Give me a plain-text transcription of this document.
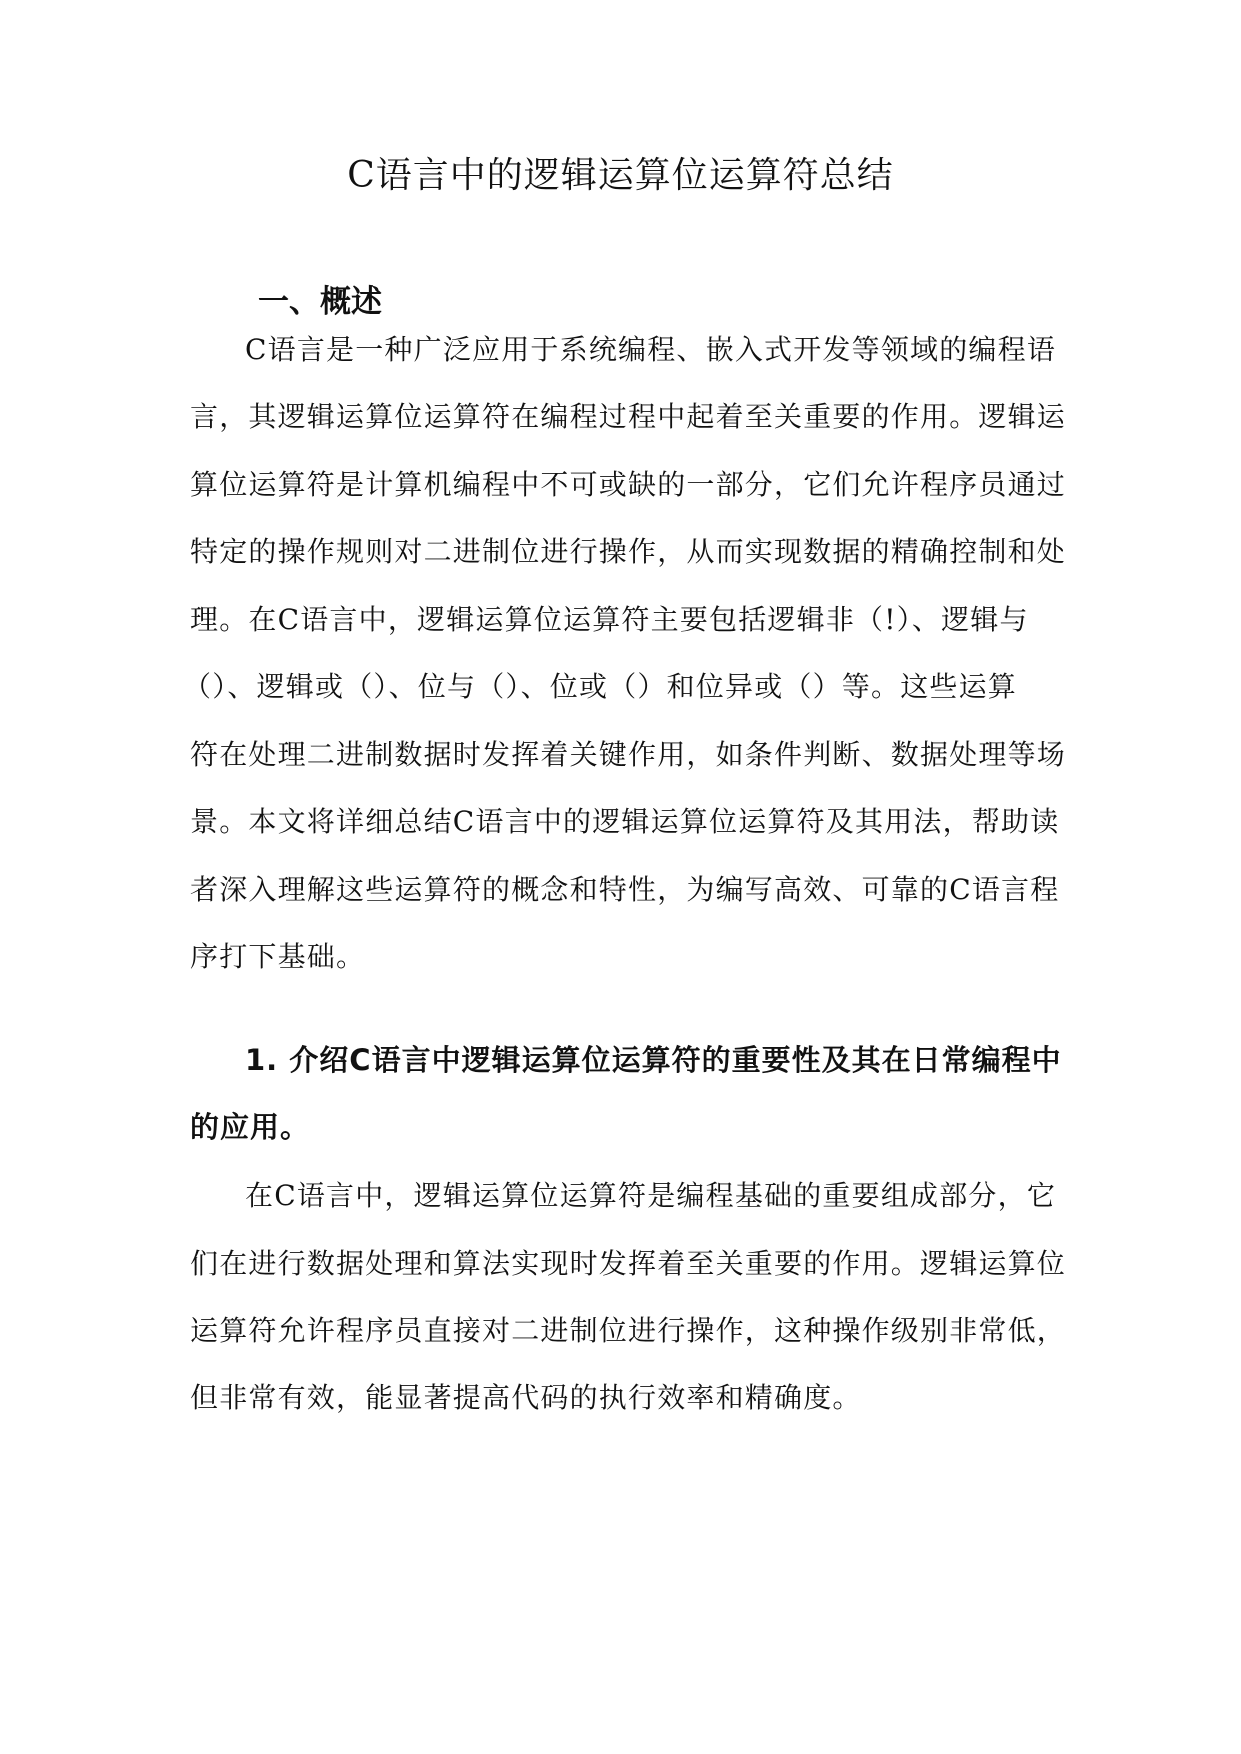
C语言中的逻辑运算位运算符总结
一、概述

C语言是一种广泛应用于系统编程、嵌入式开发等领域的编程语

言，其逻辑运算位运算符在编程过程中起着至关重要的作用。逻辑运

算位运算符是计算机编程中不可或缺的一部分，它们允许程序员通过

特定的操作规则对二进制位进行操作，从而实现数据的精确控制和处

理。在C语言中，逻辑运算位运算符主要包括逻辑非（!）、逻辑与

（）、逻辑或（）、位与（）、位或（）和位异或（）等。这些运算

符在处理二进制数据时发挥着关键作用，如条件判断、数据处理等场

景。本文将详细总结C语言中的逻辑运算位运算符及其用法，帮助读

者深入理解这些运算符的概念和特性，为编写高效、可靠的C语言程

序打下基础。

1. 介绍C语言中逻辑运算位运算符的重要性及其在日常编程中
的应用。

在C语言中，逻辑运算位运算符是编程基础的重要组成部分，它

们在进行数据处理和算法实现时发挥着至关重要的作用。逻辑运算位

运算符允许程序员直接对二进制位进行操作，这种操作级别非常低，

但非常有效，能显著提高代码的执行效率和精确度。
